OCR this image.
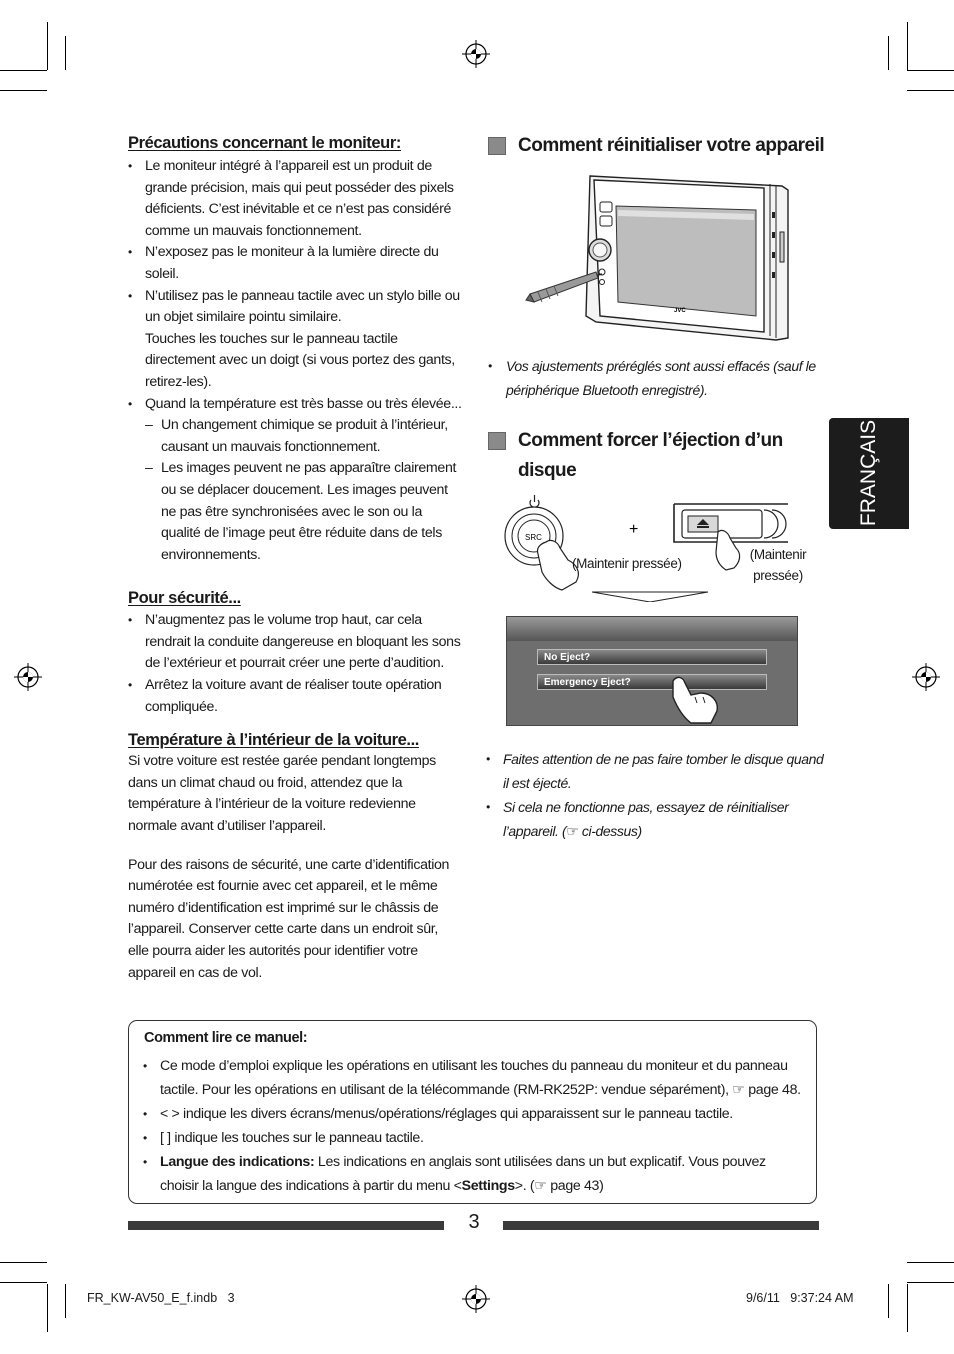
Précautions concernant le moniteur:
• Le moniteur intégré à l’appareil est un produit de grande précision, mais qui peut posséder des pixels déficients. C’est inévitable et ce n’est pas considéré comme un mauvais fonctionnement.
• N’exposez pas le moniteur à la lumière directe du soleil.
• N’utilisez pas le panneau tactile avec un stylo bille ou un objet similaire pointu similaire.
Touches les touches sur le panneau tactile directement avec un doigt (si vous portez des gants, retirez-les).
• Quand la température est très basse ou très élevée...
– Un changement chimique se produit à l’intérieur, causant un mauvais fonctionnement.
– Les images peuvent ne pas apparaître clairement ou se déplacer doucement. Les images peuvent ne pas être synchronisées avec le son ou la qualité de l’image peut être réduite dans de tels environnements.
Pour sécurité...
• N’augmentez pas le volume trop haut, car cela rendrait la conduite dangereuse en bloquant les sons de l’extérieur et pourrait créer une perte d’audition.
• Arrêtez la voiture avant de réaliser toute opération compliquée.
Température à l’intérieur de la voiture...

Si votre voiture est restée garée pendant longtemps dans un climat chaud ou froid, attendez que la température à l’intérieur de la voiture redevienne normale avant d’utiliser l’appareil.

Pour des raisons de sécurité, une carte d’identification numérotée est fournie avec cet appareil, et le même numéro d’identification est imprimé sur le châssis de l’appareil. Conserver cette carte dans un endroit sûr, elle pourra aider les autorités pour identifier votre appareil en cas de vol.

Comment réinitialiser votre appareil
JVC
• Vos ajustements préréglés sont aussi effacés (sauf le périphérique Bluetooth enregistré).
Comment forcer l’éjection d’un
disque
SRC	+
(Maintenir pressée)
(Maintenir
pressée)
No Eject?
Emergency Eject?
• Faites attention de ne pas faire tomber le disque quand il est éjecté.
• Si cela ne fonctionne pas, essayez de réinitialiser l’appareil. (☞ ci-dessus)
FRANÇAIS
Comment lire ce manuel:
• Ce mode d’emploi explique les opérations en utilisant les touches du panneau du moniteur et du panneau tactile. Pour les opérations en utilisant de la télécommande (RM-RK252P: vendue séparément), ☞ page 48.
• < > indique les divers écrans/menus/opérations/réglages qui apparaissent sur le panneau tactile.
• [ ] indique les touches sur le panneau tactile.
• Langue des indications: Les indications en anglais sont utilisées dans un but explicatif. Vous pouvez choisir la langue des indications à partir du menu <Settings>. (☞ page 43)
3
FR_KW-AV50_E_f.indb   3	9/6/11   9:37:24 AM
